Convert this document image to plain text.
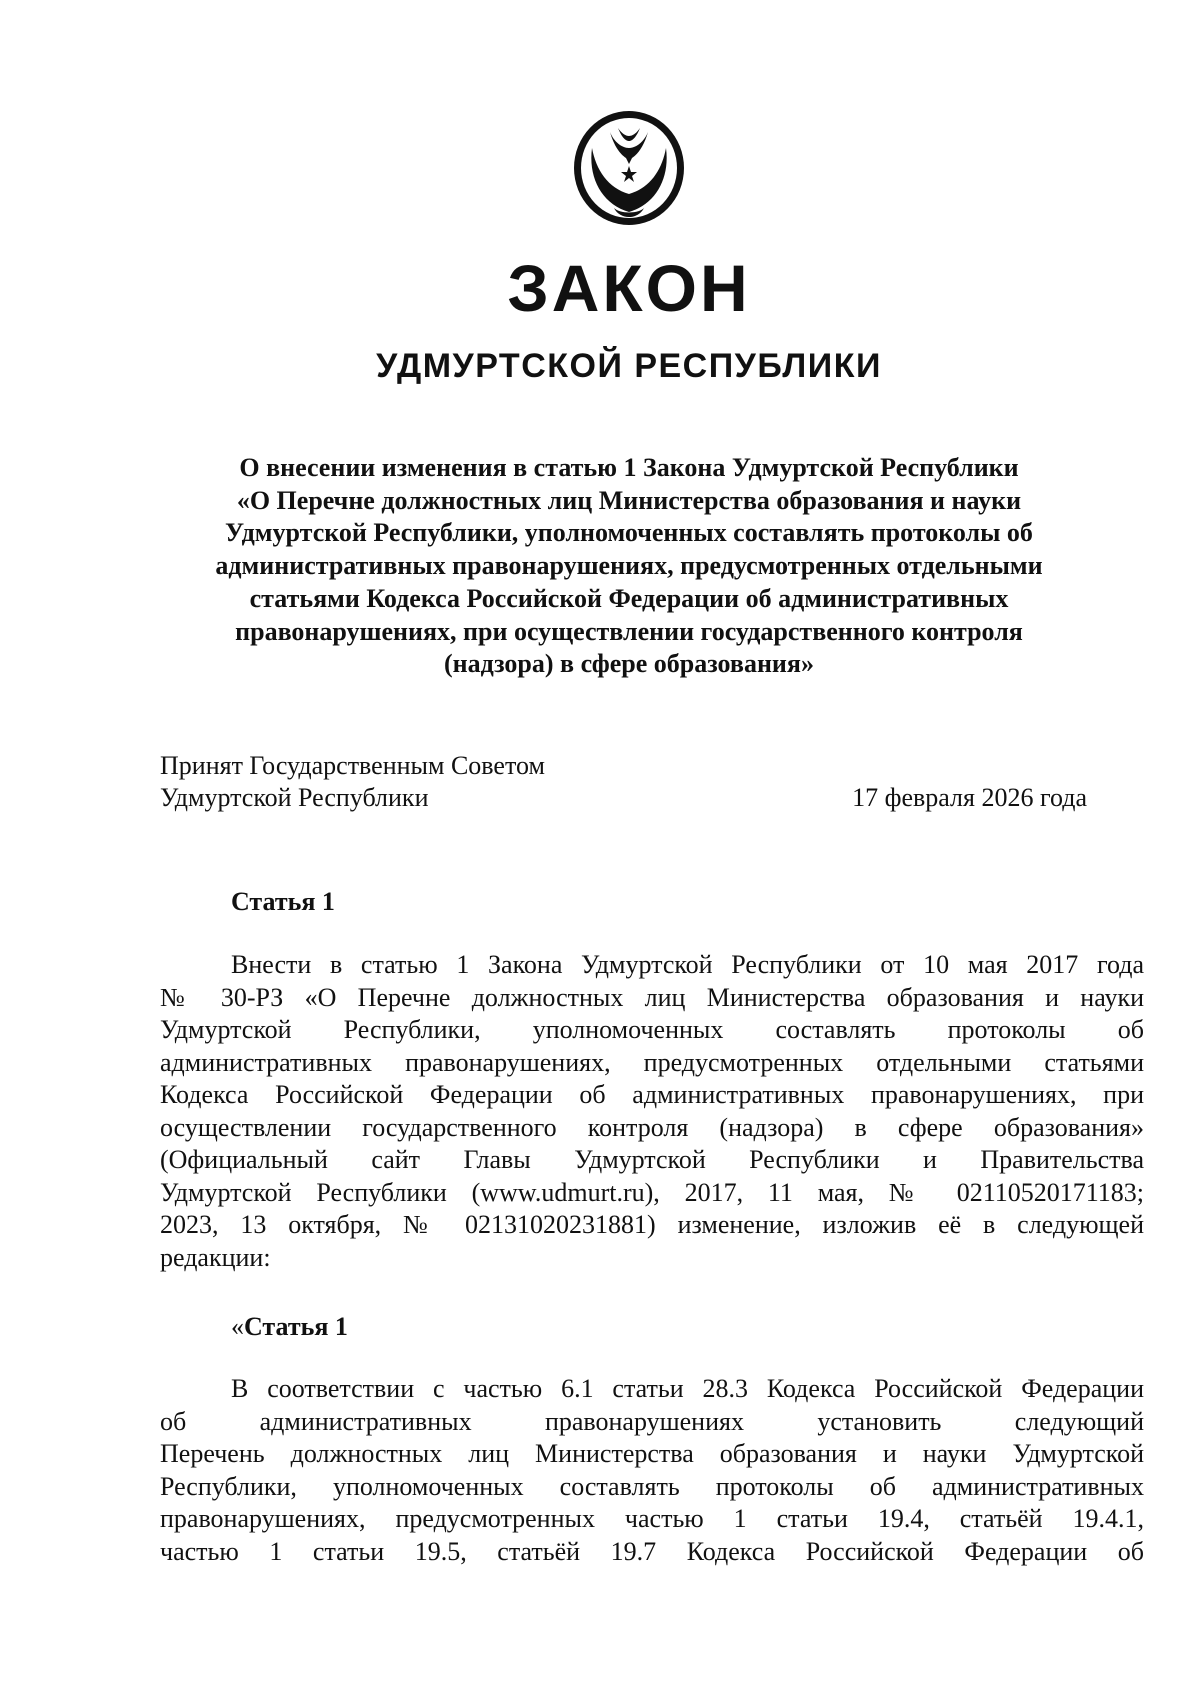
ЗАКОН
УДМУРТСКОЙ РЕСПУБЛИКИ
О внесении изменения в статью 1 Закона Удмуртской Республики
«О Перечне должностных лиц Министерства образования и науки
Удмуртской Республики, уполномоченных составлять протоколы об
административных правонарушениях, предусмотренных отдельными
статьями Кодекса Российской Федерации об административных
правонарушениях, при осуществлении государственного контроля
(надзора) в сфере образования»
Принят Государственным Советом
Удмуртской Республики	17 февраля 2026 года
Статья 1
Внести в статью 1 Закона Удмуртской Республики от 10 мая 2017 года
№ 30-РЗ «О Перечне должностных лиц Министерства образования и науки
Удмуртской Республики, уполномоченных составлять протоколы об
административных правонарушениях, предусмотренных отдельными статьями
Кодекса Российской Федерации об административных правонарушениях, при
осуществлении государственного контроля (надзора) в сфере образования»
(Официальный сайт Главы Удмуртской Республики и Правительства
Удмуртской Республики (www.udmurt.ru), 2017, 11 мая, № 02110520171183;
2023, 13 октября, № 02131020231881) изменение, изложив её в следующей
редакции:
«Статья 1
В соответствии с частью 6.1 статьи 28.3 Кодекса Российской Федерации
об административных правонарушениях установить следующий
Перечень должностных лиц Министерства образования и науки Удмуртской
Республики, уполномоченных составлять протоколы об административных
правонарушениях, предусмотренных частью 1 статьи 19.4, статьёй 19.4.1,
частью 1 статьи 19.5, статьёй 19.7 Кодекса Российской Федерации об
